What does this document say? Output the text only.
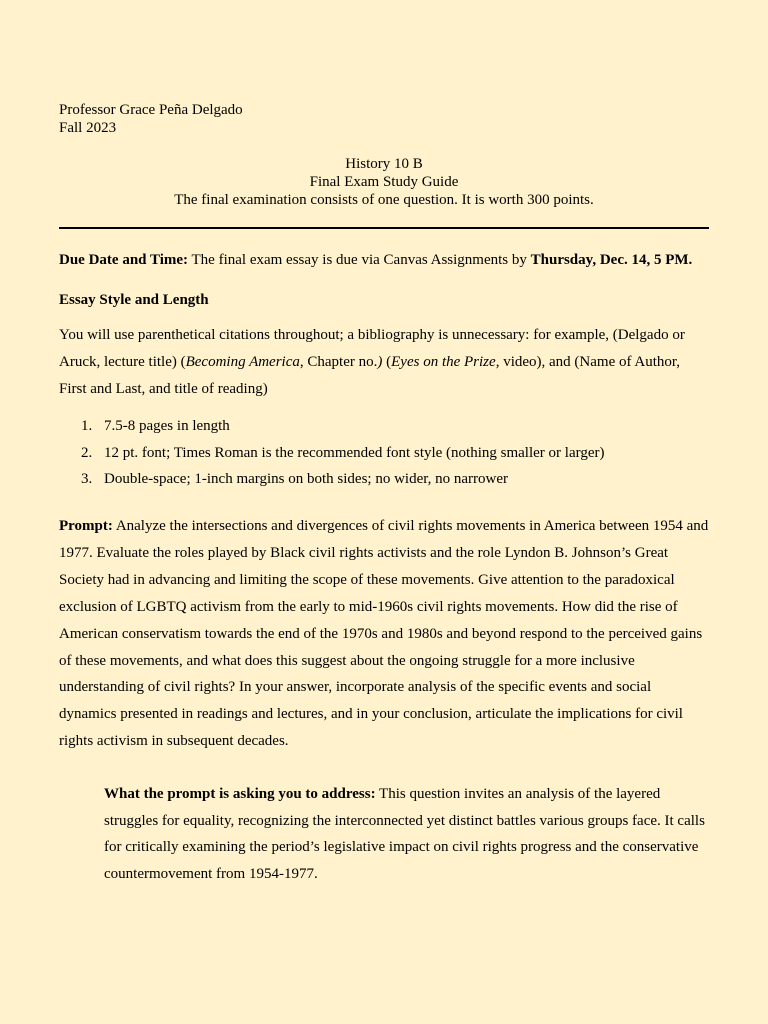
Professor Grace Peña Delgado
Fall 2023
History 10 B
Final Exam Study Guide
The final examination consists of one question. It is worth 300 points.
Due Date and Time: The final exam essay is due via Canvas Assignments by Thursday, Dec. 14, 5 PM.
Essay Style and Length
You will use parenthetical citations throughout; a bibliography is unnecessary: for example, (Delgado or Aruck, lecture title) (Becoming America, Chapter no.) (Eyes on the Prize, video), and (Name of Author, First and Last, and title of reading)
1. 7.5-8 pages in length
2. 12 pt. font; Times Roman is the recommended font style (nothing smaller or larger)
3. Double-space; 1-inch margins on both sides; no wider, no narrower
Prompt: Analyze the intersections and divergences of civil rights movements in America between 1954 and 1977. Evaluate the roles played by Black civil rights activists and the role Lyndon B. Johnson’s Great Society had in advancing and limiting the scope of these movements. Give attention to the paradoxical exclusion of LGBTQ activism from the early to mid-1960s civil rights movements. How did the rise of American conservatism towards the end of the 1970s and 1980s and beyond respond to the perceived gains of these movements, and what does this suggest about the ongoing struggle for a more inclusive understanding of civil rights? In your answer, incorporate analysis of the specific events and social dynamics presented in readings and lectures, and in your conclusion, articulate the implications for civil rights activism in subsequent decades.
What the prompt is asking you to address: This question invites an analysis of the layered struggles for equality, recognizing the interconnected yet distinct battles various groups face. It calls for critically examining the period’s legislative impact on civil rights progress and the conservative countermovement from 1954-1977.
